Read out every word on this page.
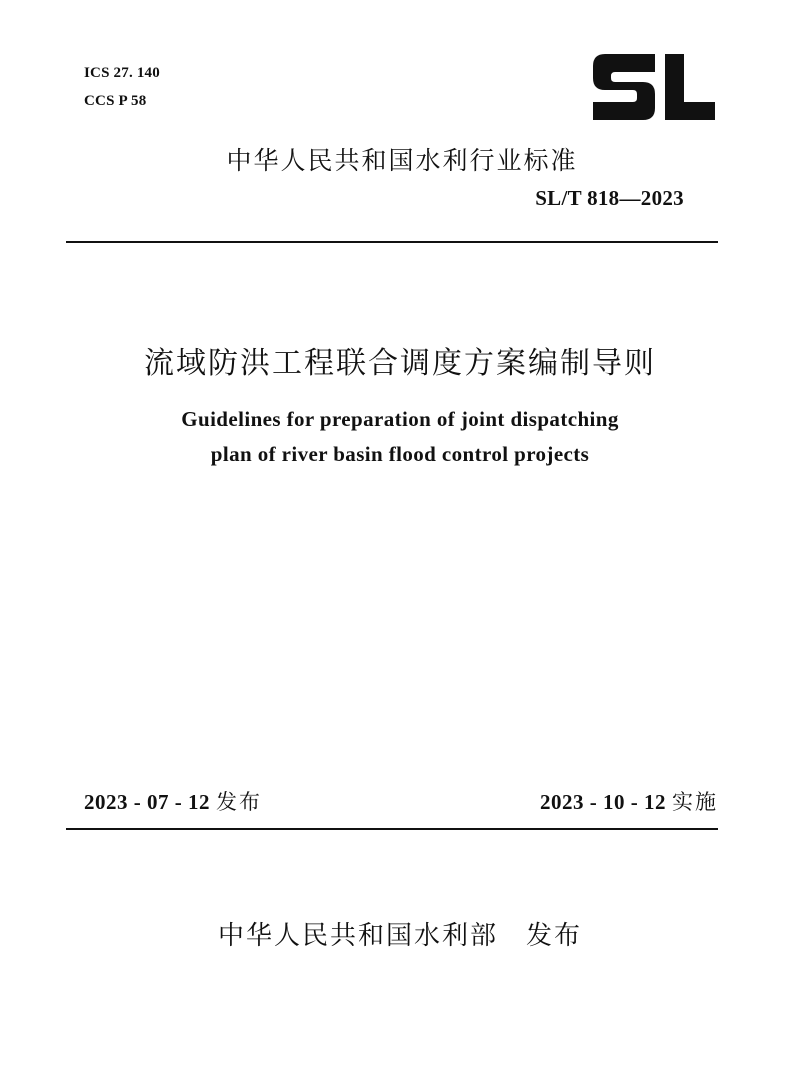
ICS 27. 140
CCS P 58
中华人民共和国水利行业标准
SL/T 818—2023
流域防洪工程联合调度方案编制导则
Guidelines for preparation of joint dispatching
plan of river basin flood control projects
2023 - 07 - 12 发布	2023 - 10 - 12 实施
中华人民共和国水利部 发布
